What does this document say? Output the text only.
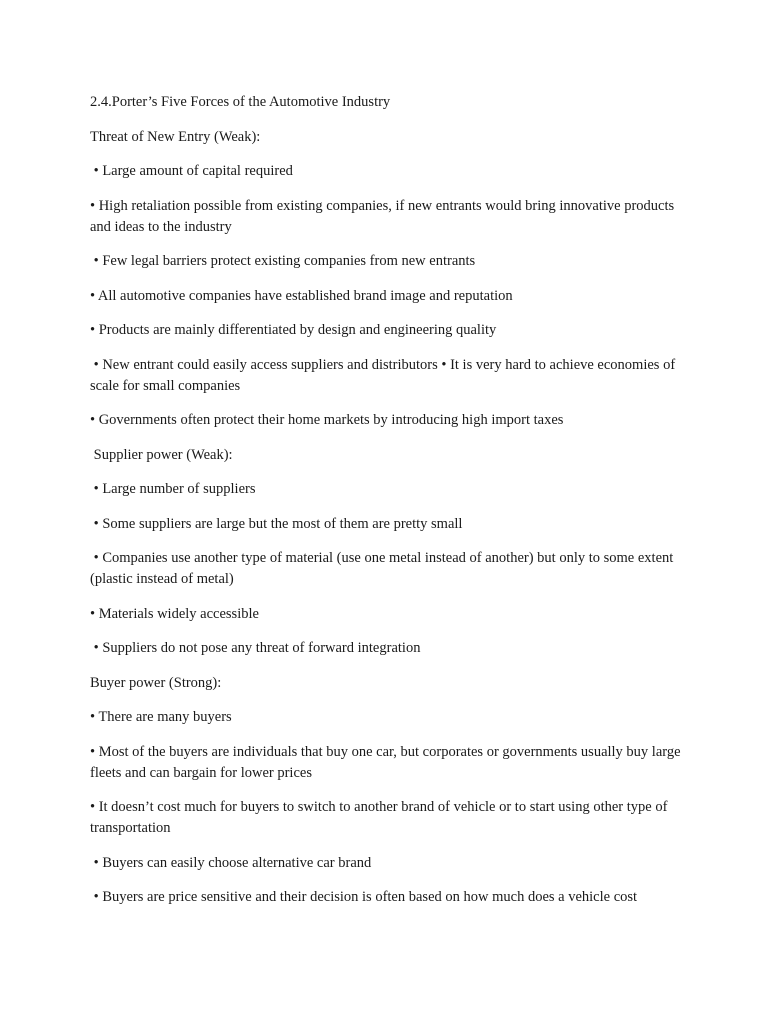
2.4.Porter’s Five Forces of the Automotive Industry

Threat of New Entry (Weak):

• Large amount of capital required

• High retaliation possible from existing companies, if new entrants would bring innovative products and ideas to the industry

• Few legal barriers protect existing companies from new entrants

• All automotive companies have established brand image and reputation

• Products are mainly differentiated by design and engineering quality

• New entrant could easily access suppliers and distributors • It is very hard to achieve economies of scale for small companies

• Governments often protect their home markets by introducing high import taxes

Supplier power (Weak):

• Large number of suppliers

• Some suppliers are large but the most of them are pretty small

• Companies use another type of material (use one metal instead of another) but only to some extent (plastic instead of metal)

• Materials widely accessible

• Suppliers do not pose any threat of forward integration

Buyer power (Strong):

• There are many buyers

• Most of the buyers are individuals that buy one car, but corporates or governments usually buy large fleets and can bargain for lower prices

• It doesn’t cost much for buyers to switch to another brand of vehicle or to start using other type of transportation

• Buyers can easily choose alternative car brand

• Buyers are price sensitive and their decision is often based on how much does a vehicle cost
